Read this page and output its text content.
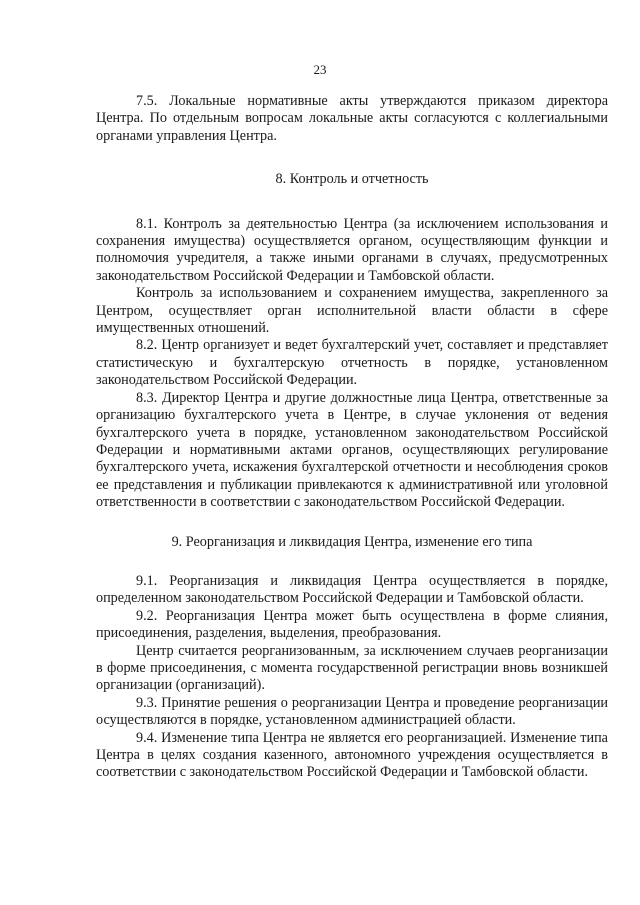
23

7.5. Локальные нормативные акты утверждаются приказом директора Центра. По отдельным вопросам локальные акты согласуются с коллегиальными органами управления Центра.

8. Контроль и отчетность

8.1. Контролъ за деятельностью Центра (за исключением использования и сохранения имущества) осуществляется органом, осуществляющим функции и полномочия учредителя, а также иными органами в случаях, предусмотренных законодательством Российской Федерации и Тамбовской области.

Контроль за использованием и сохранением имущества, закрепленного за Центром, осуществляет орган исполнительной власти области в сфере имущественных отношений.

8.2. Центр организует и ведет бухгалтерский учет, составляет и представляет статистическую и бухгалтерскую отчетность в порядке, установленном законодательством Российской Федерации.

8.3. Директор Центра и другие должностные лица Центра, ответственные за организацию бухгалтерского учета в Центре, в случае уклонения от ведения бухгалтерского учета в порядке, установленном законодательством Российской Федерации и нормативными актами органов, осуществляющих регулирование бухгалтерского учета, искажения бухгалтерской отчетности и несоблюдения сроков ее представления и публикации привлекаются к административной или уголовной ответственности в соответствии с законодательством Российской Федерации.

9. Реорганизация и ликвидация Центра, изменение его типа

9.1. Реорганизация и ликвидация Центра осуществляется в порядке, определенном законодательством Российской Федерации и Тамбовской области.

9.2. Реорганизация Центра может быть осуществлена в форме слияния, присоединения, разделения, выделения, преобразования.

Центр считается реорганизованным, за исключением случаев реорганизации в форме присоединения, с момента государственной регистрации вновь возникшей организации (организаций).

9.3. Принятие решения о реорганизации Центра и проведение реорганизации осуществляются в порядке, установленном администрацией области.

9.4. Изменение типа Центра не является его реорганизацией. Изменение типа Центра в целях создания казенного, автономного учреждения осуществляется в соответствии с законодательством Российской Федерации и Тамбовской области.
